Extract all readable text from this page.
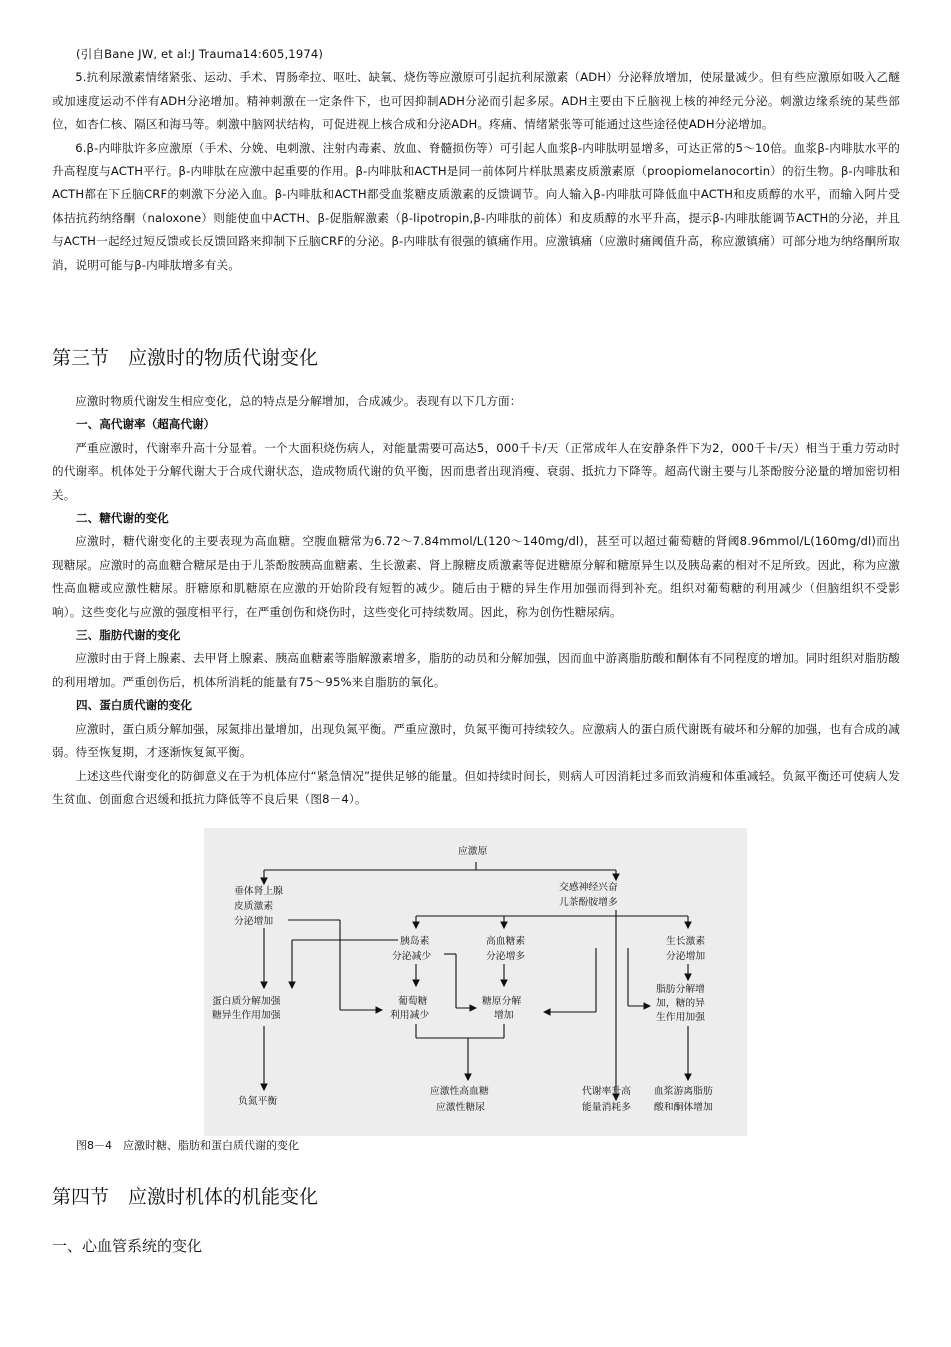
(引自Bane JW, et al:J Trauma14:605,1974)

5.抗利尿激素情绪紧张、运动、手术、胃肠牵拉、呕吐、缺氧、烧伤等应激原可引起抗利尿激素（ADH）分泌释放增加，使尿量减少。但有些应激原如吸入乙醚或加速度运动不伴有ADH分泌增加。精神刺激在一定条件下，也可因抑制ADH分泌而引起多尿。ADH主要由下丘脑视上核的神经元分泌。刺激边缘系统的某些部位，如杏仁核、隔区和海马等。刺激中脑网状结构，可促进视上核合成和分泌ADH。疼痛、情绪紧张等可能通过这些途径使ADH分泌增加。

6.β-内啡肽许多应激原（手术、分娩、电刺激、注射内毒素、放血、脊髓损伤等）可引起人血浆β-内啡肽明显增多，可达正常的5～10倍。血浆β-内啡肽水平的升高程度与ACTH平行。β-内啡肽在应激中起重要的作用。β-内啡肽和ACTH是同一前体阿片样肽黑素皮质激素原（proopiomelanocortin）的衍生物。β-内啡肽和ACTH都在下丘脑CRF的刺激下分泌入血。β-内啡肽和ACTH都受血浆糖皮质激素的反馈调节。向人输入β-内啡肽可降低血中ACTH和皮质醇的水平，而输入阿片受体拮抗药纳络酮（naloxone）则能使血中ACTH、β-促脂解激素（β-lipotropin,β-内啡肽的前体）和皮质醇的水平升高，提示β-内啡肽能调节ACTH的分泌，并且与ACTH一起经过短反馈或长反馈回路来抑制下丘脑CRF的分泌。β-内啡肽有很强的镇痛作用。应激镇痛（应激时痛阈值升高，称应激镇痛）可部分地为纳络酮所取消，说明可能与β-内啡肽增多有关。

第三节　应激时的物质代谢变化

应激时物质代谢发生相应变化，总的特点是分解增加，合成减少。表现有以下几方面：

一、高代谢率（超高代谢）

严重应激时，代谢率升高十分显着。一个大面积烧伤病人，对能量需要可高达5，000千卡/天（正常成年人在安静条件下为2，000千卡/天）相当于重力劳动时的代谢率。机体处于分解代谢大于合成代谢状态，造成物质代谢的负平衡，因而患者出现消瘦、衰弱、抵抗力下降等。超高代谢主要与儿茶酚胺分泌量的增加密切相关。

二、糖代谢的变化

应激时，糖代谢变化的主要表现为高血糖。空腹血糖常为6.72～7.84mmol/L(120～140mg/dl)，甚至可以超过葡萄糖的肾阈8.96mmol/L(160mg/dl)而出现糖尿。应激时的高血糖合糖尿是由于儿茶酚胺胰高血糖素、生长激素、肾上腺糖皮质激素等促进糖原分解和糖原异生以及胰岛素的相对不足所致。因此，称为应激性高血糖或应激性糖尿。肝糖原和肌糖原在应激的开始阶段有短暂的减少。随后由于糖的异生作用加强而得到补充。组织对葡萄糖的利用减少（但脑组织不受影响）。这些变化与应激的强度相平行，在严重创伤和烧伤时，这些变化可持续数周。因此，称为创伤性糖尿病。

三、脂肪代谢的变化

应激时由于肾上腺素、去甲肾上腺素、胰高血糖素等脂解激素增多，脂肪的动员和分解加强，因而血中游离脂肪酸和酮体有不同程度的增加。同时组织对脂肪酸的利用增加。严重创伤后，机体所消耗的能量有75～95%来自脂肪的氧化。

四、蛋白质代谢的变化

应激时，蛋白质分解加强，尿氮排出量增加，出现负氮平衡。严重应激时，负氮平衡可持续较久。应激病人的蛋白质代谢既有破坏和分解的加强，也有合成的减弱。待至恢复期，才逐渐恢复氮平衡。

上述这些代谢变化的防御意义在于为机体应付“紧急情况”提供足够的能量。但如持续时间长，则病人可因消耗过多而致消瘦和体重减轻。负氮平衡还可使病人发生贫血、创面愈合迟缓和抵抗力降低等不良后果（图8－4）。

应激原
垂体肾上腺
皮质激素
分泌增加
交感神经兴奋
儿茶酚胺增多
胰岛素
分泌减少
高血糖素
分泌增多
生长激素
分泌增加
蛋白质分解加强
糖异生作用加强
葡萄糖
利用减少
糖原分解
增加
脂肪分解增
加，糖的异
生作用加强
负氮平衡
应激性高血糖
应激性糖尿
代谢率升高
能量消耗多
血浆游离脂肪
酸和酮体增加
图8－4　应激时糖、脂肪和蛋白质代谢的变化
第四节　应激时机体的机能变化
一、心血管系统的变化
